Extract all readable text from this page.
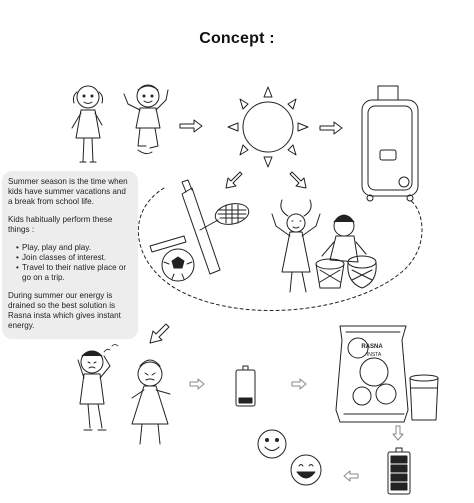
Concept :
RASNA
INSTA

Summer season is the time when kids have summer vacations and a break from school life.

Kids habitually perform these things :

• Play, play and play.
• Join classes of interest.
• Travel to their native place or go on a trip.

During summer our energy is drained so the best solution is Rasna insta which gives instant energy.
